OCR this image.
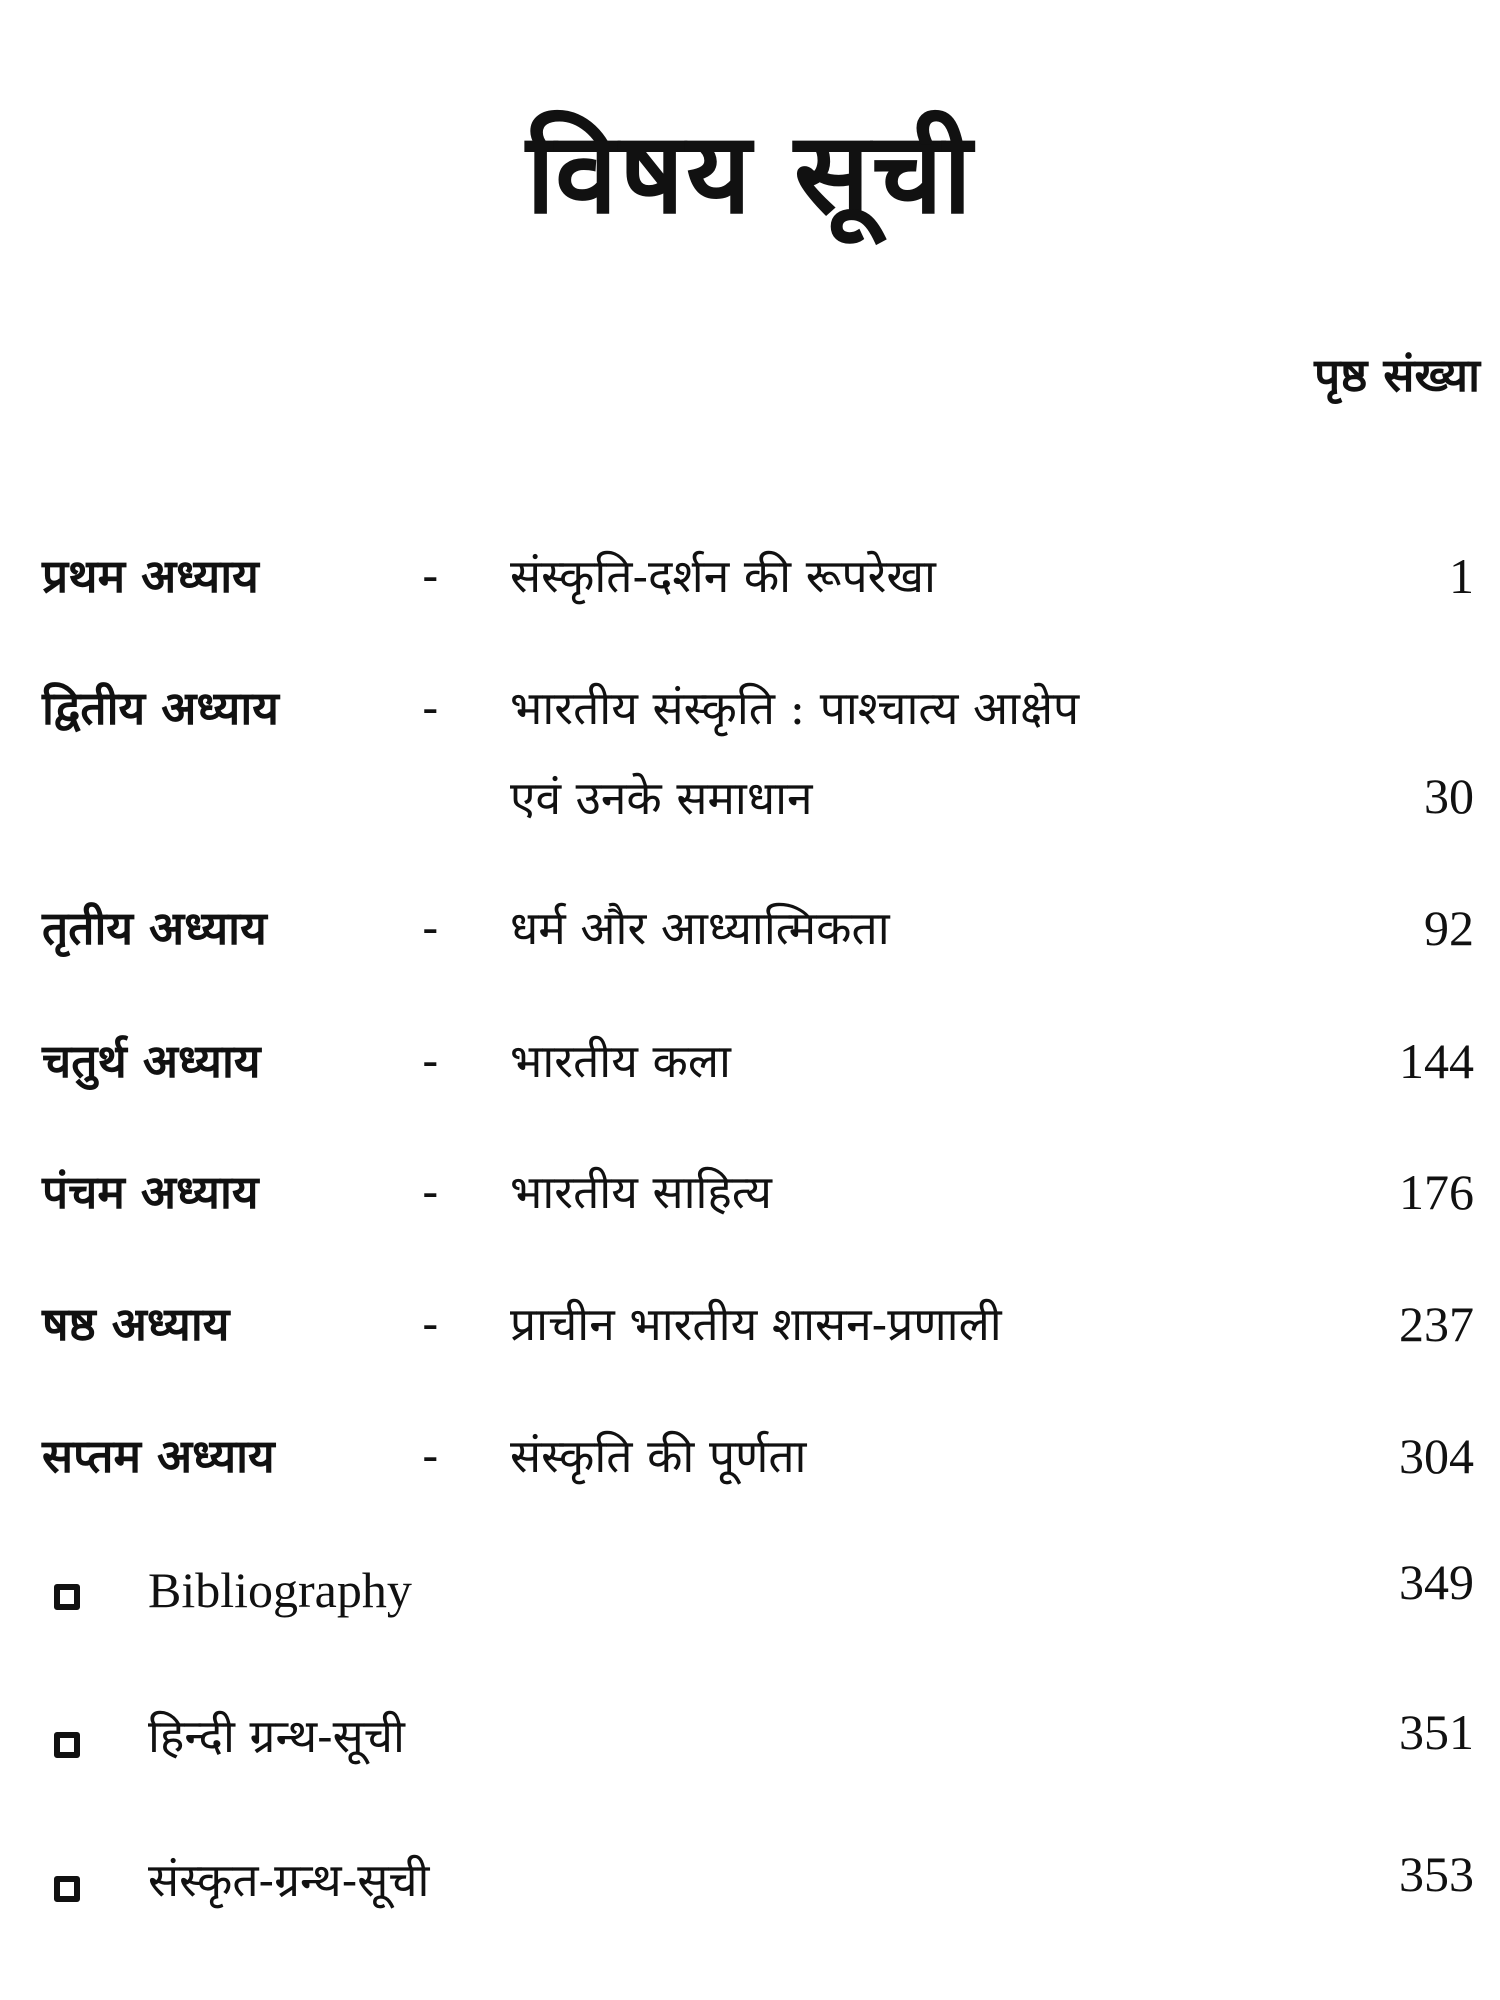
विषय सूची
पृष्ठ संख्या
प्रथम अध्याय	- संस्कृति-दर्शन की रूपरेखा	1
द्वितीय अध्याय	- भारतीय संस्कृति : पाश्चात्य आक्षेप
एवं उनके समाधान	30
तृतीय अध्याय	- धर्म और आध्यात्मिकता	92
चतुर्थ अध्याय	- भारतीय कला	144
पंचम अध्याय	- भारतीय साहित्य	176
षष्ठ अध्याय	- प्राचीन भारतीय शासन-प्रणाली	237
सप्तम अध्याय	- संस्कृति की पूर्णता	304
Bibliography	349
हिन्दी ग्रन्थ-सूची	351
संस्कृत-ग्रन्थ-सूची	353
